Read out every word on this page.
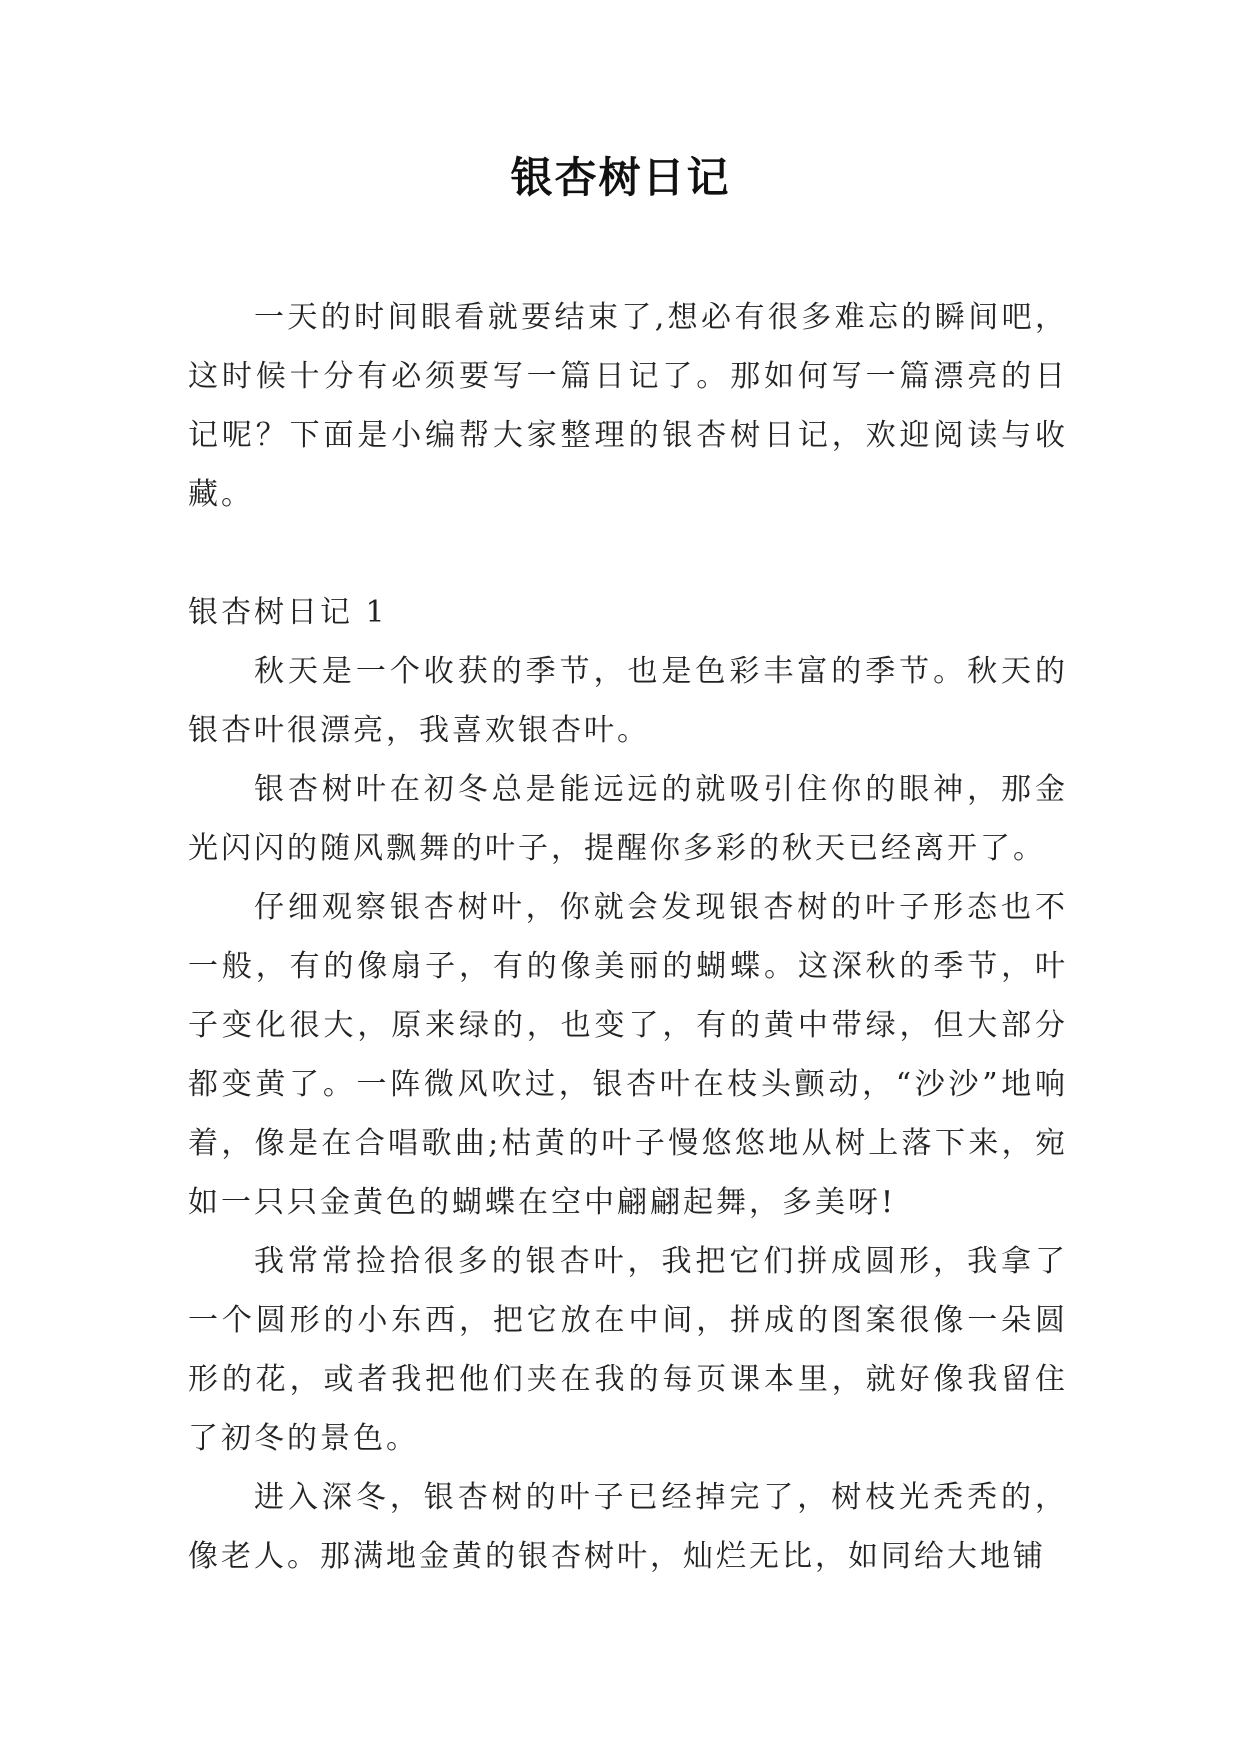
银杏树日记

一天的时间眼看就要结束了,想必有很多难忘的瞬间吧，这时候十分有必须要写一篇日记了。那如何写一篇漂亮的日记呢？下面是小编帮大家整理的银杏树日记，欢迎阅读与收藏。

银杏树日记 1

秋天是一个收获的季节，也是色彩丰富的季节。秋天的银杏叶很漂亮，我喜欢银杏叶。

银杏树叶在初冬总是能远远的就吸引住你的眼神，那金光闪闪的随风飘舞的叶子，提醒你多彩的秋天已经离开了。

仔细观察银杏树叶，你就会发现银杏树的叶子形态也不一般，有的像扇子，有的像美丽的蝴蝶。这深秋的季节，叶子变化很大，原来绿的，也变了，有的黄中带绿，但大部分都变黄了。一阵微风吹过，银杏叶在枝头颤动，“沙沙”地响着，像是在合唱歌曲;枯黄的叶子慢悠悠地从树上落下来，宛如一只只金黄色的蝴蝶在空中翩翩起舞，多美呀!

我常常捡拾很多的银杏叶，我把它们拼成圆形，我拿了一个圆形的小东西，把它放在中间，拼成的图案很像一朵圆形的花，或者我把他们夹在我的每页课本里，就好像我留住了初冬的景色。

进入深冬，银杏树的叶子已经掉完了，树枝光秃秃的，像老人。那满地金黄的银杏树叶，灿烂无比，如同给大地铺
